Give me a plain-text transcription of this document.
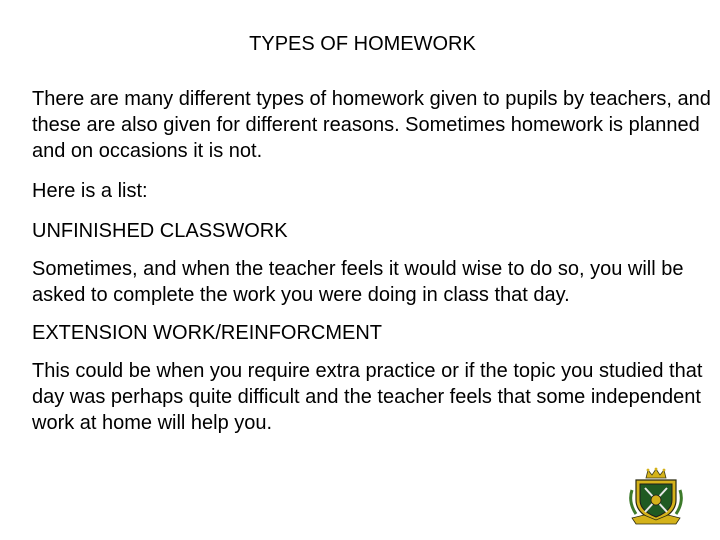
TYPES OF HOMEWORK

There are many different types of homework given to pupils by teachers, and these are also given for different reasons. Sometimes homework is planned and on occasions it is not.

Here is a list:

UNFINISHED CLASSWORK

Sometimes, and when the teacher feels it would wise to do so, you will be asked to complete the work you were doing in class that day.

EXTENSION WORK/REINFORCMENT

This could be when you require extra practice or if the topic you studied that day was perhaps quite difficult and the teacher feels that some independent work at home will help you.
